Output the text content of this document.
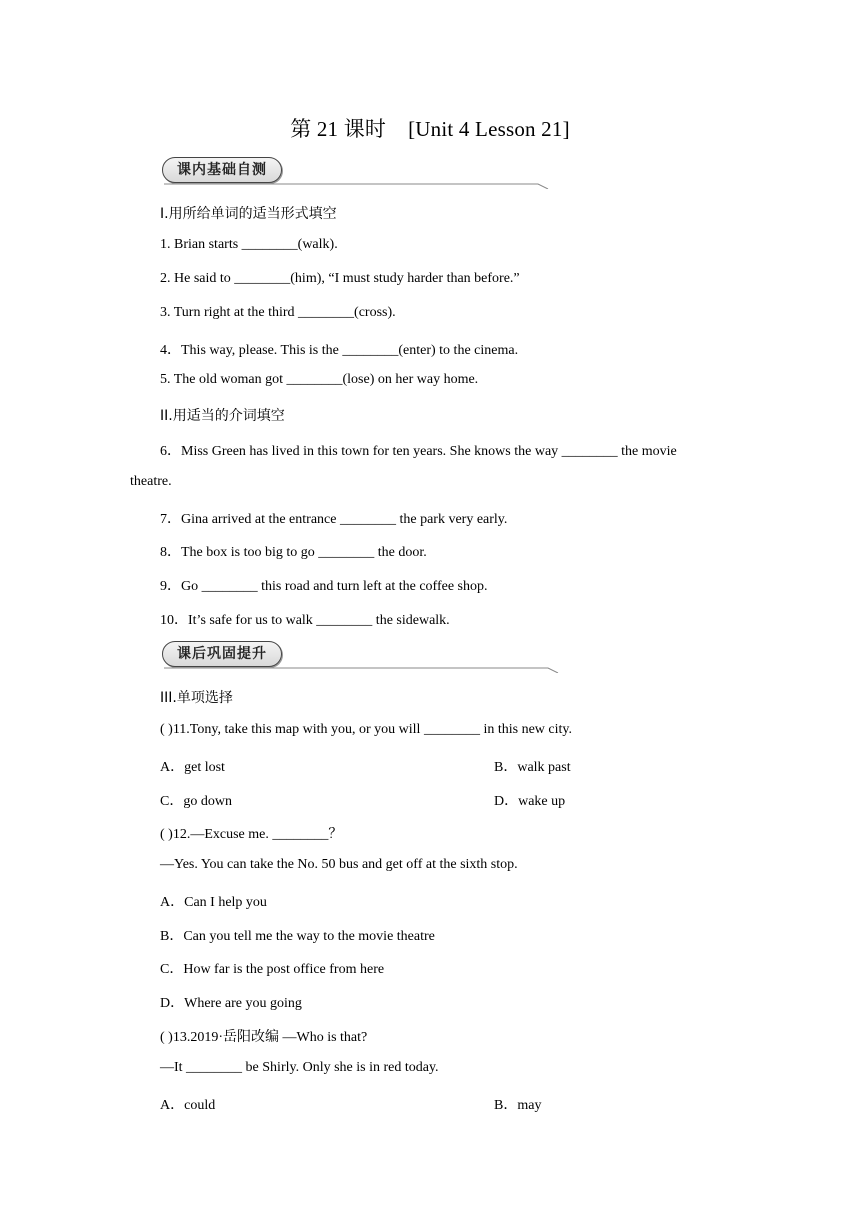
第 21 课时 [Unit 4 Lesson 21]
课内基础自测
I.用所给单词的适当形式填空
1. Brian starts ________(walk).
2. He said to ________(him), “I must study harder than before.”
3. Turn right at the third ________(cross).
4．This way, please. This is the ________(enter) to the cinema.
5. The old woman got ________(lose) on her way home.
II.用适当的介词填空
6．Miss Green has lived in this town for ten years. She knows the way ________ the movie
theatre.
7．Gina arrived at the entrance ________ the park very early.
8．The box is too big to go ________ the door.
9．Go ________ this road and turn left at the coffee shop.
10．It’s safe for us to walk ________ the sidewalk.
课后巩固提升
III.单项选择
( )11.Tony, take this map with you, or you will ________ in this new city.
A．get lost	B．walk past
C．go down	D．wake up
( )12.—Excuse me. ________？
—Yes. You can take the No. 50 bus and get off at the sixth stop.
A．Can I help you
B．Can you tell me the way to the movie theatre
C．How far is the post office from here
D．Where are you going
( )13.2019·岳阳改编 —Who is that?
—It ________ be Shirly. Only she is in red today.
A．could	B．may
